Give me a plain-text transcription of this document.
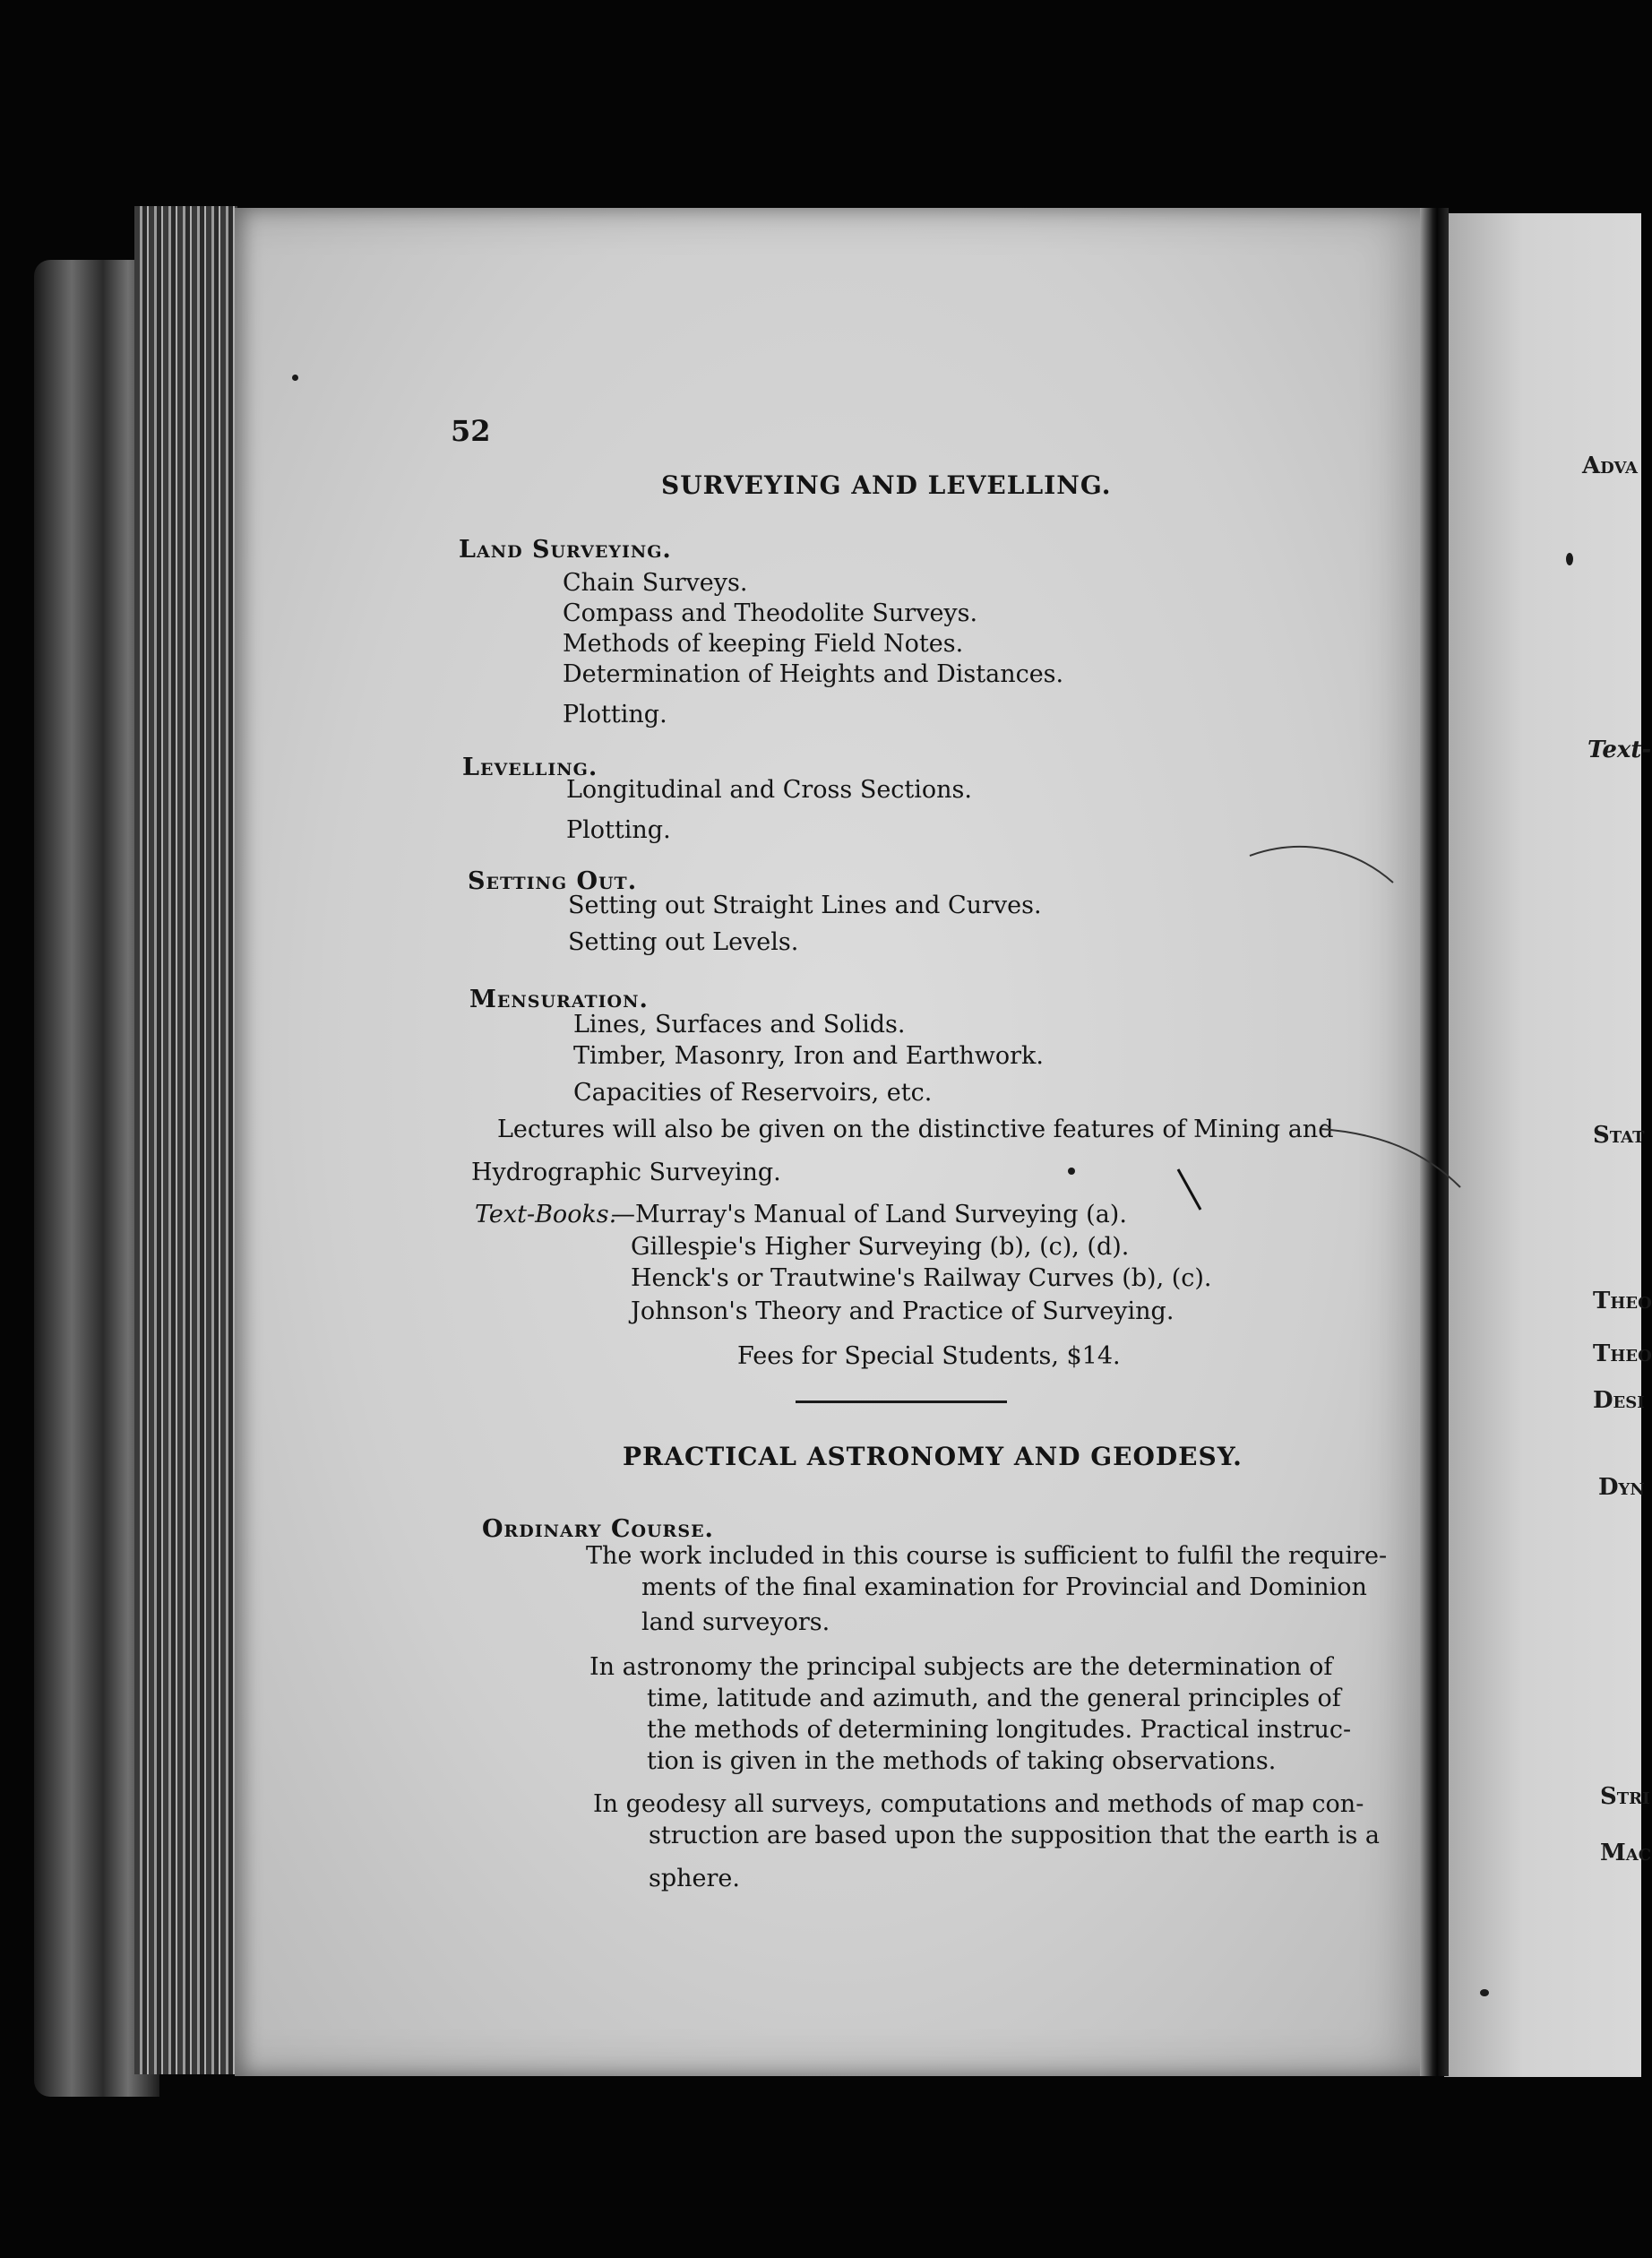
52
SURVEYING AND LEVELLING.
Land Surveying.
Chain Surveys.
Compass and Theodolite Surveys.
Methods of keeping Field Notes.
Determination of Heights and Distances.
Plotting.
Levelling.
Longitudinal and Cross Sections.
Plotting.
Setting Out.
Setting out Straight Lines and Curves.
Setting out Levels.
Mensuration.
Lines, Surfaces and Solids.
Timber, Masonry, Iron and Earthwork.
Capacities of Reservoirs, etc.
Lectures will also be given on the distinctive features of Mining and
Hydrographic Surveying.
Text-Books.
—Murray's Manual of Land Surveying (a).
Gillespie's Higher Surveying (b), (c), (d).
Henck's or Trautwine's Railway Curves (b), (c).
Johnson's Theory and Practice of Surveying.
Fees for Special Students, $14.
PRACTICAL ASTRONOMY AND GEODESY.
Ordinary Course.
The work included in this course is sufficient to fulfil the require-
ments of the final examination for Provincial and Dominion
land surveyors.
In astronomy the principal subjects are the determination of
time, latitude and azimuth, and the general principles of
the methods of determining longitudes. Practical instruc-
tion is given in the methods of taking observations.
In geodesy all surveys, computations and methods of map con-
struction are based upon the supposition that the earth is a
sphere.
Adva
Text-
Stat
Theo
Theo
Desi
Dyn
Stri
Mac
